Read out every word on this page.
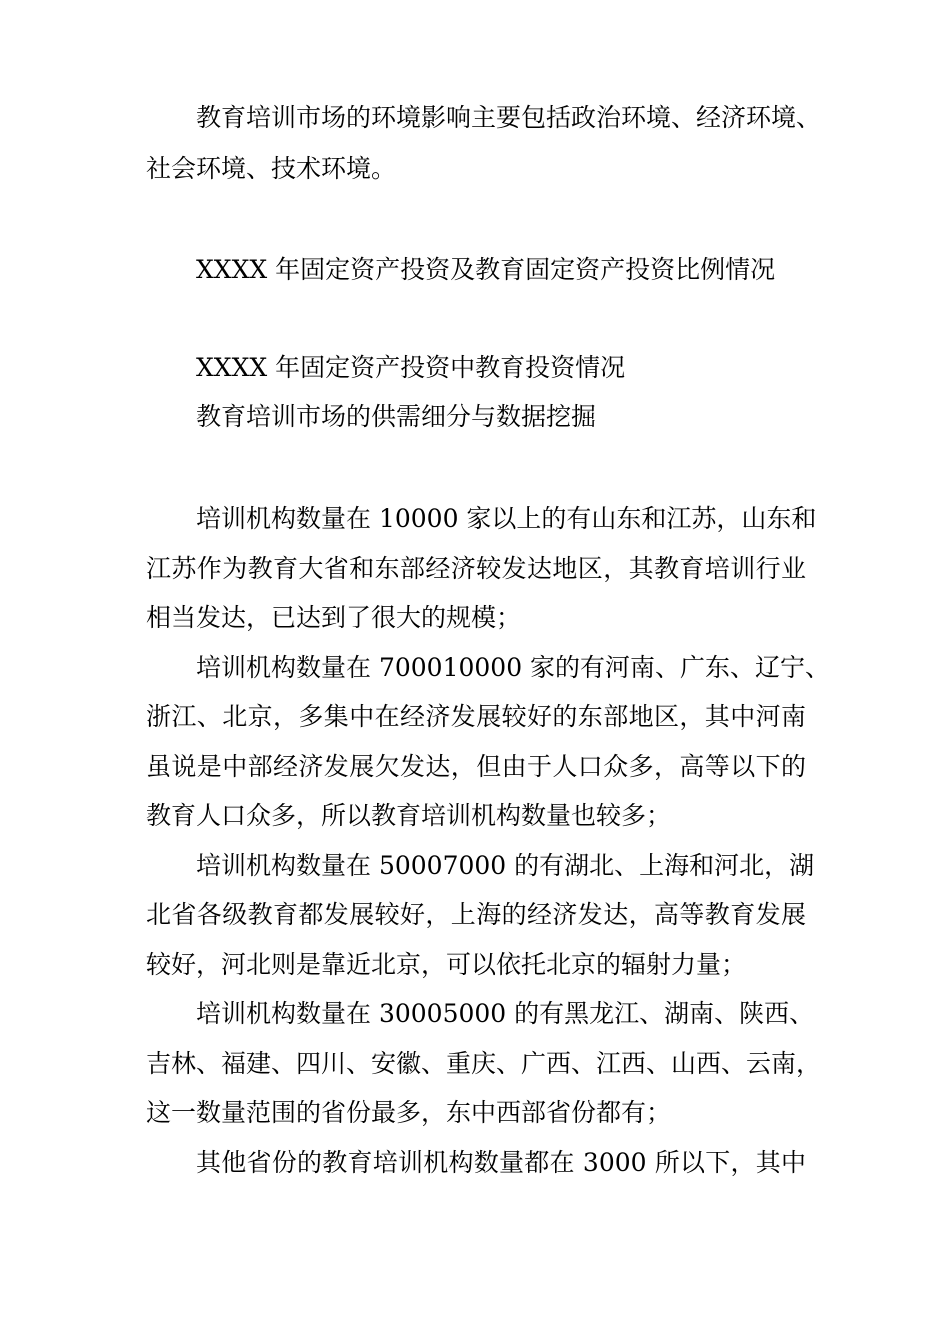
教育培训市场的环境影响主要包括政治环境、经济环境、
社会环境、技术环境。
XXXX 年固定资产投资及教育固定资产投资比例情况
XXXX 年固定资产投资中教育投资情况
教育培训市场的供需细分与数据挖掘
培训机构数量在 10000 家以上的有山东和江苏，山东和
江苏作为教育大省和东部经济较发达地区，其教育培训行业
相当发达，已达到了很大的规模；
培训机构数量在 700010000 家的有河南、广东、辽宁、
浙江、北京，多集中在经济发展较好的东部地区，其中河南
虽说是中部经济发展欠发达，但由于人口众多，高等以下的
教育人口众多，所以教育培训机构数量也较多；
培训机构数量在 50007000 的有湖北、上海和河北，湖
北省各级教育都发展较好，上海的经济发达，高等教育发展
较好，河北则是靠近北京，可以依托北京的辐射力量；
培训机构数量在 30005000 的有黑龙江、湖南、陕西、
吉林、福建、四川、安徽、重庆、广西、江西、山西、云南，
这一数量范围的省份最多，东中西部省份都有；
其他省份的教育培训机构数量都在 3000 所以下，其中
